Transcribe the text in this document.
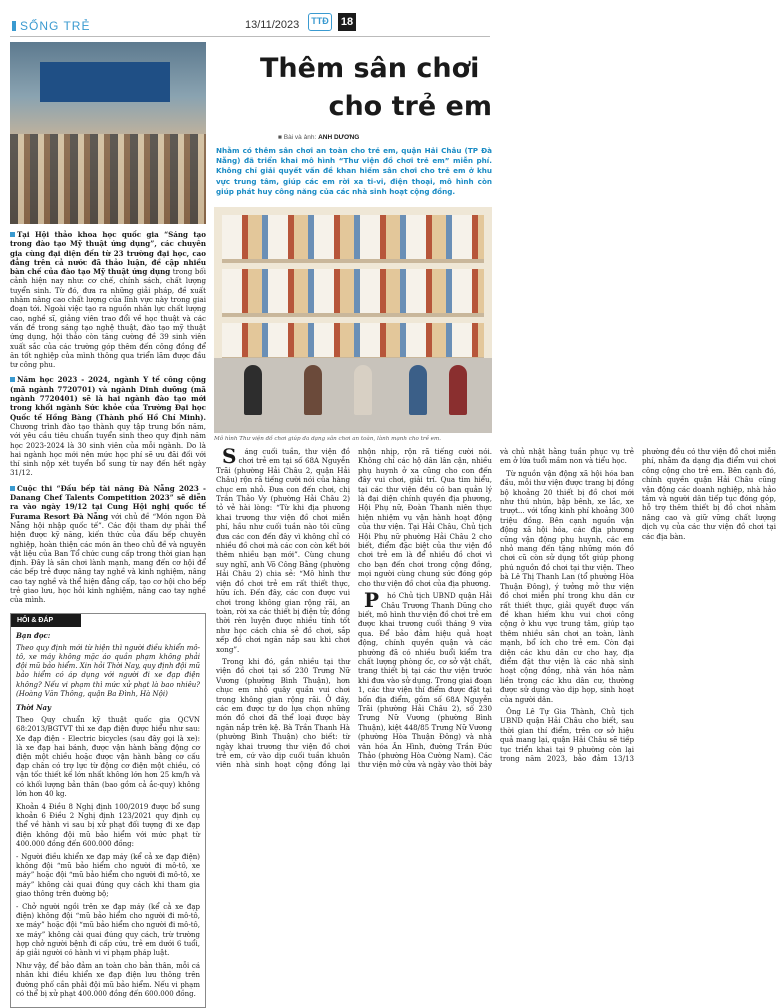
SỐNG TRẺ	13/11/2023	TTĐ 18

Tại Hội thảo khoa học quốc gia “Sáng tạo trong đào tạo Mỹ thuật ứng dụng”, các chuyên gia cùng đại diện đến từ 23 trường đại học, cao đẳng trên cả nước đã thảo luận, đề cập nhiều bàn chế của đào tạo Mỹ thuật ứng dụng trong bối cảnh hiện nay như: cơ chế, chính sách, chất lượng tuyển sinh. Từ đó, đưa ra những giải pháp, đề xuất nhằm nâng cao chất lượng của lĩnh vực này trong giai đoạn tới. Ngoài việc tạo ra nguồn nhân lực chất lượng cao, nghề sĩ, giảng viên trao đổi về học thuật và các vấn đề trong sáng tạo nghệ thuật, đào tạo mỹ thuật ứng dụng, hội thảo còn tăng cường đề 39 sinh viên xuất sắc của các trường góp thêm đến công đồng để ăn tốt nghiệp của mình thông qua triển lãm được đầu tư công phu.

Năm học 2023 - 2024, ngành Y tế công cộng (mã ngành 7720701) và ngành Dinh dưỡng (mã ngành 7720401) sẽ là hai ngành đào tạo mới trong khối ngành Sức khỏe của Trường Đại học Quốc tế Hồng Bàng (Thành phố Hồ Chí Minh). Chương trình đào tạo thành quy tập trung bốn năm, với yêu cầu tiêu chuẩn tuyển sinh theo quy định năm học 2023-2024 là 30 sinh viên của mỗi ngành. Do là hai ngành học mới nên mức học phí sẽ ưu đãi đối với thí sinh nộp xét tuyển bổ sung từ nay đến hết ngày 31/12.

Cuộc thi “Đấu bếp tài năng Đà Nẵng 2023 - Danang Chef Talents Competition 2023” sẽ diễn ra vào ngày 19/12 tại Cung Hội nghị quốc tế Furama Resort Đà Nẵng với chủ đề “Món ngon Đà Nẵng hội nhập quốc tế”. Các đội tham dự phải thể hiện được kỹ năng, kiến thức của đấu bếp chuyên nghiệp, hoàn thiện các món ăn theo chủ đề và nguyên vật liệu của Ban Tổ chức cung cấp trong thời gian hạn định. Đây là sân chơi lành mạnh, mang đến cơ hội để các bếp trẻ được nâng tay nghề và kinh nghiệm, nâng cao tay nghề và thể hiện đẳng cấp, tạo cơ hội cho bếp trẻ giao lưu, học hỏi kinh nghiệm, nâng cao tay nghề của mình.

HỎI & ĐÁP

Bạn đọc:

Theo quy định mới từ hiện thì người điều khiển mô-tô, xe máy không mặc áo quần phạm không phải đội mũ bảo hiểm. Xin hỏi Thời Nay, quy định đội mũ bảo hiểm có áp dụng với người đi xe đạp điện không? Nếu vi phạm thì mức xử phạt là bao nhiêu? (Hoàng Văn Thông, quận Ba Đình, Hà Nội)

Thời Nay

Theo Quy chuẩn kỹ thuật quốc gia QCVN 68:2013/BGTVT thì xe đạp điện được hiểu như sau: Xe đạp điện - Electric bicycles (sau đây gọi là xe): là xe đạp hai bánh, được vận hành bằng động cơ điện một chiều hoặc được vận hành bằng cơ cấu đạp chân có trợ lực từ động cơ điện một chiều, có vận tốc thiết kế lớn nhất không lớn hơn 25 km/h và có khối lượng bản thân (bao gồm cả ắc-quy) không lớn hơn 40 kg.

Khoản 4 Điều 8 Nghị định 100/2019 được bổ sung khoản 6 Điều 2 Nghị định 123/2021 quy định cụ thể về hành vi sau bị xử phạt đối tượng đi xe đạp điện không đội mũ bảo hiểm với mức phạt từ 400.000 đồng đến 600.000 đồng:

- Người điều khiển xe đạp máy (kể cả xe đạp điện) không đội “mũ bảo hiểm cho người đi mô-tô, xe máy” hoặc đội “mũ bảo hiểm cho người đi mô-tô, xe máy” không cài quai đúng quy cách khi tham gia giao thông trên đường bộ;

- Chở người ngồi trên xe đạp máy (kể cả xe đạp điện) không đội “mũ bảo hiểm cho người đi mô-tô, xe máy” hoặc đội “mũ bảo hiểm cho người đi mô-tô, xe máy” không cài quai đúng quy cách, trừ trường hợp chở người bệnh đi cấp cứu, trẻ em dưới 6 tuổi, áp giải người có hành vi vi phạm pháp luật.

Như vậy, để bảo đảm an toàn cho bản thân, mỗi cá nhân khi điều khiển xe đạp điện lưu thông trên đường phố cần phải đội mũ bảo hiểm. Nếu vi phạm có thể bị xử phạt 400.000 đồng đến 600.000 đồng.

Thêm sân chơi
cho trẻ em
■ Bài và ảnh: ANH DƯƠNG

Nhằm có thêm sân chơi an toàn cho trẻ em, quận Hải Châu (TP Đà Nẵng) đã triển khai mô hình “Thư viện đồ chơi trẻ em” miễn phí. Không chỉ giải quyết vấn đề khan hiếm sân chơi cho trẻ em ở khu vực trung tâm, giúp các em rời xa ti-vi, điện thoại, mô hình còn giúp phát huy công năng của các nhà sinh hoạt cộng đồng.

Mô hình Thư viện đồ chơi giúp đa dạng sân chơi an toàn, lành mạnh cho trẻ em.

S áng cuối tuần, thư viện đồ chơi trẻ em tại số 68A Nguyễn Trãi (phường Hải Châu 2, quận Hải Châu) rộn rã tiếng cười nói của hàng chục em nhỏ. Đưa con đến chơi, chị Trần Thảo Vy (phường Hải Châu 2) tỏ vẻ hài lòng: “Từ khi địa phương khai trương thư viện đồ chơi miễn phí, hầu như cuối tuần nào tôi cũng đưa các con đến đây vì không chỉ có nhiều đồ chơi mà các con còn kết bới thêm nhiều bạn mới”. Cùng chung suy nghĩ, anh Võ Công Bằng (phường Hải Châu 2) chia sẻ: “Mô hình thư viện đồ chơi trẻ em rất thiết thực, hữu ích. Đến đây, các con được vui chơi trong không gian rộng rãi, an toàn, rời xa các thiết bị điện tử; đồng thời rèn luyện được nhiều tính tốt như học cách chia sẻ đồ chơi, sắp xếp đồ chơi ngăn nắp sau khi chơi xong”.

Trong khi đó, gần nhiều tại thư viện đồ chơi tại số 230 Trưng Nữ Vương (phường Bình Thuận), hơn chục em nhỏ quây quần vui chơi trong không gian rộng rãi. Ở đây, các em được tự do lựa chọn những món đồ chơi đã thể loại được bày ngăn nắp trên kệ. Bà Trần Thanh Hà (phường Bình Thuận) cho biết: từ ngày khai trương thư viện đồ chơi trẻ em, cứ vào dịp cuối tuần khuôn viên nhà sinh hoạt cộng đồng lại nhộn nhịp, rộn rã tiếng cười nói. Không chỉ các hộ dân lân cận, nhiều phụ huynh ở xa cũng cho con đến đây vui chơi, giải trí. Qua tìm hiểu, tại các thư viện đều có ban quản lý là đại diện chính quyền địa phương, Hội Phụ nữ, Đoàn Thanh niên thực hiện nhiệm vụ vận hành hoạt động của thư viện. Tại Hải Châu, Chủ tịch Hội Phụ nữ phường Hải Châu 2 cho biết, điểm đặc biệt của thư viện đồ chơi trẻ em là để nhiều đồ chơi vì cho bạn đến chơi trong cộng đồng, mọi người cùng chung sức đóng góp cho thư viện đồ chơi của địa phương.

P hó Chủ tịch UBND quận Hải Châu Trương Thanh Dũng cho biết, mô hình thư viện đồ chơi trẻ em được khai trương cuối tháng 9 vừa qua. Để bảo đảm hiệu quả hoạt động, chính quyền quận và các phường đã có nhiều buổi kiểm tra chất lượng phòng ốc, cơ sở vật chất, trang thiết bị tại các thư viện trước khi đưa vào sử dụng. Trong giai đoạn 1, các thư viện thí điểm được đặt tại bốn địa điểm, gồm số 68A Nguyễn Trãi (phường Hải Châu 2), số 230 Trưng Nữ Vương (phường Bình Thuận), kiệt 448/85 Trưng Nữ Vương (phường Hòa Thuận Đông) và nhà văn hóa Ân Hình, đường Trần Đức Thảo (phường Hòa Cường Nam). Các thư viện mở cửa và ngày vào thời bảy và chủ nhật hằng tuần phục vụ trẻ em ở lứa tuổi mầm non và tiểu học.

Từ nguồn vận động xã hội hóa ban đầu, mỗi thư viện được trang bị đồng bộ khoảng 20 thiết bị đồ chơi mới như thú nhún, bập bênh, xe lắc, xe trượt... với tổng kinh phí khoảng 300 triệu đồng. Bên cạnh nguồn vận động xã hội hóa, các địa phương cũng vận động phụ huynh, các em nhỏ mang đến tặng những món đồ chơi cũ còn sử dụng tốt giúp phong phú nguồn đồ chơi tại thư viện. Theo bà Lê Thị Thanh Lan (tổ phường Hòa Thuận Đông), ý tưởng mở thư viện đồ chơi miễn phí trong khu dân cư rất thiết thực, giải quyết được vấn đề khan hiếm khu vui chơi công cộng ở khu vực trung tâm, giúp tạo thêm nhiều sân chơi an toàn, lành mạnh, bổ ích cho trẻ em. Còn đại diện các khu dân cư cho hay, địa điểm đặt thư viện là các nhà sinh hoạt cộng đồng, nhà văn hóa nằm liền trong các khu dân cư, thường được sử dụng vào dịp họp, sinh hoạt của người dân.

Ông Lê Tự Gia Thành, Chủ tịch UBND quận Hải Châu cho biết, sau thời gian thí điểm, trên cơ sở hiệu quả mang lại, quận Hải Châu sẽ tiếp tục triển khai tại 9 phường còn lại trong năm 2023, bảo đảm 13/13 phường đều có thư viện đồ chơi miễn phí, nhằm đa dạng địa điểm vui chơi công cộng cho trẻ em. Bên cạnh đó, chính quyền quận Hải Châu cũng vận động các doanh nghiệp, nhà hảo tâm và người dân tiếp tục đóng góp, hỗ trợ thêm thiết bị đồ chơi nhằm nâng cao và giữ vững chất lượng dịch vụ của các thư viện đồ chơi tại các địa bàn.
